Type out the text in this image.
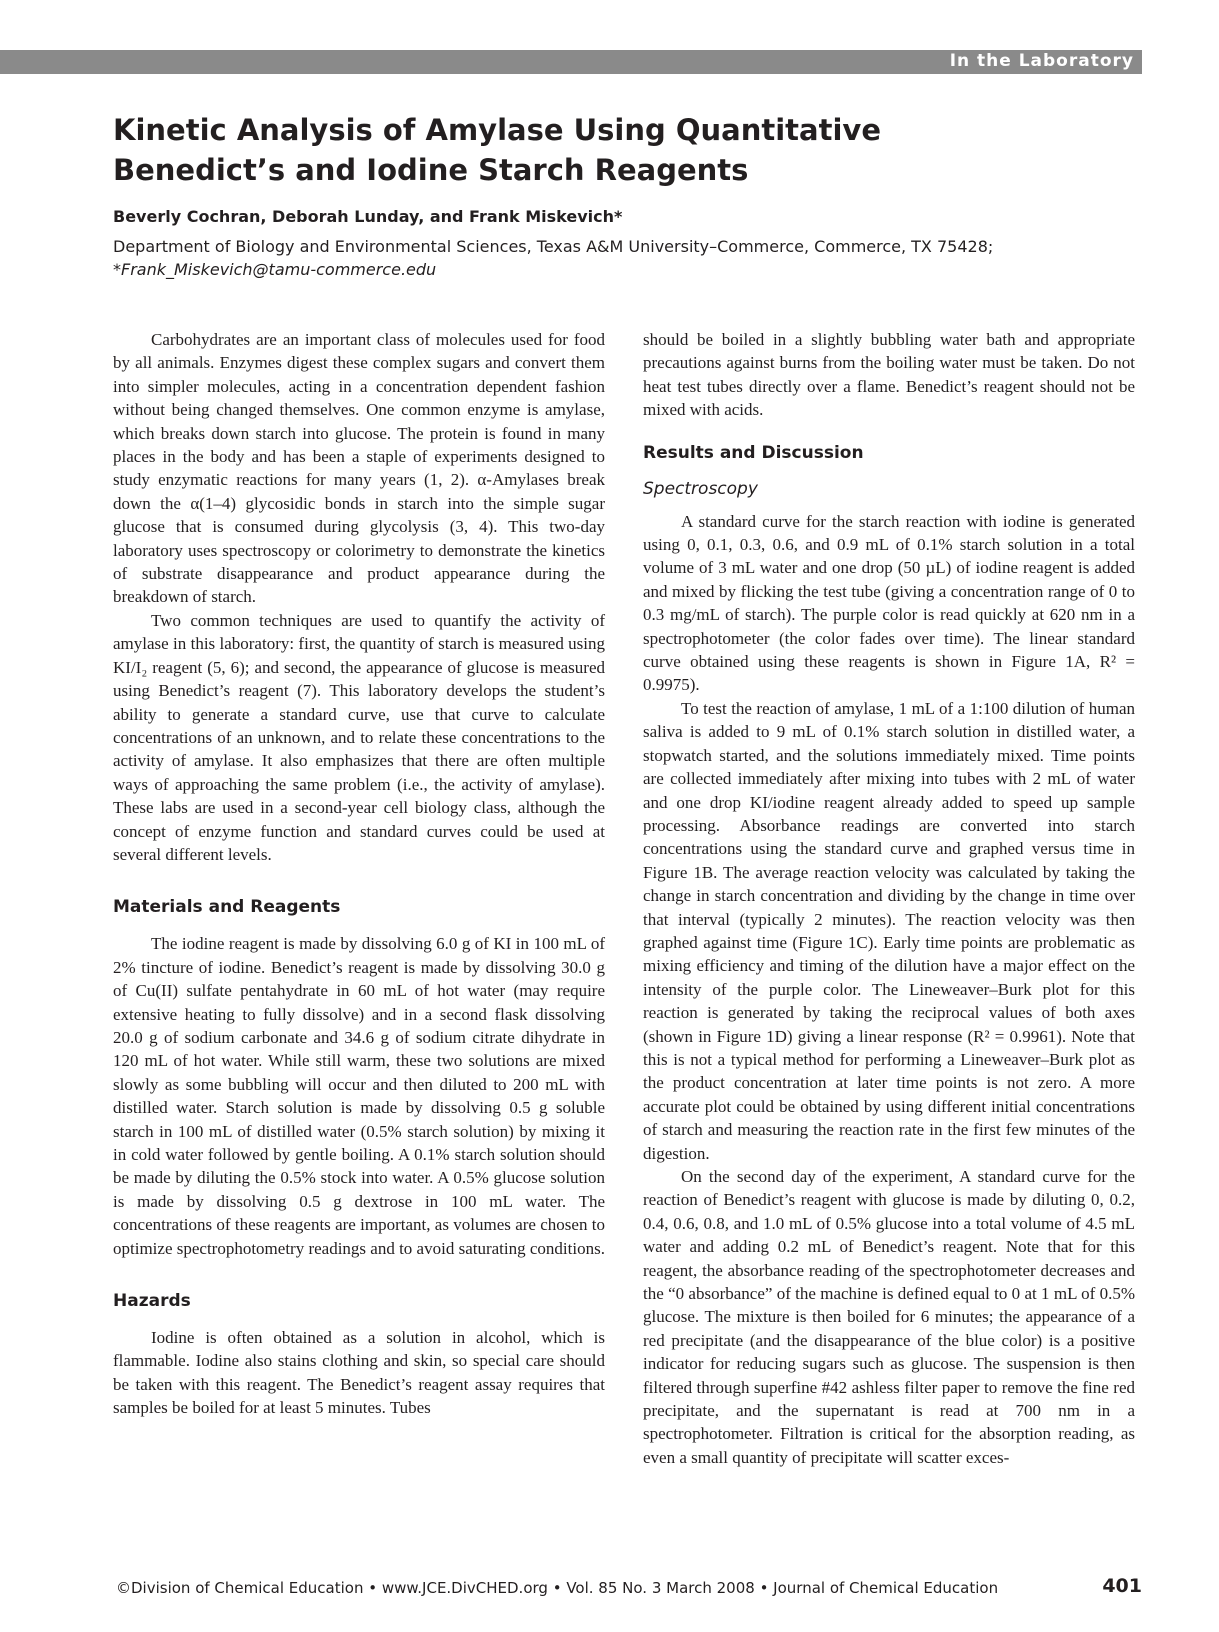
In the Laboratory
Kinetic Analysis of Amylase Using Quantitative
Benedict’s and Iodine Starch Reagents

Beverly Cochran, Deborah Lunday, and Frank Miskevich*

Department of Biology and Environmental Sciences, Texas A&M University–Commerce, Commerce, TX 75428;
*Frank_Miskevich@tamu-commerce.edu

Carbohydrates are an important class of molecules used for food by all animals. Enzymes digest these complex sugars and convert them into simpler molecules, acting in a concentration dependent fashion without being changed themselves. One common enzyme is amylase, which breaks down starch into glucose. The protein is found in many places in the body and has been a staple of experiments designed to study enzymatic reactions for many years (1, 2). α-Amylases break down the α(1–4) glycosidic bonds in starch into the simple sugar glucose that is consumed during glycolysis (3, 4). This two-day laboratory uses spectroscopy or colorimetry to demonstrate the kinetics of substrate disappearance and product appearance during the breakdown of starch.

Two common techniques are used to quantify the activity of amylase in this laboratory: first, the quantity of starch is measured using KI/I₂ reagent (5, 6); and second, the appearance of glucose is measured using Benedict’s reagent (7). This laboratory develops the student’s ability to generate a standard curve, use that curve to calculate concentrations of an unknown, and to relate these concentrations to the activity of amylase. It also emphasizes that there are often multiple ways of approaching the same problem (i.e., the activity of amylase). These labs are used in a second-year cell biology class, although the concept of enzyme function and standard curves could be used at several different levels.

Materials and Reagents

The iodine reagent is made by dissolving 6.0 g of KI in 100 mL of 2% tincture of iodine. Benedict’s reagent is made by dissolving 30.0 g of Cu(II) sulfate pentahydrate in 60 mL of hot water (may require extensive heating to fully dissolve) and in a second flask dissolving 20.0 g of sodium carbonate and 34.6 g of sodium citrate dihydrate in 120 mL of hot water. While still warm, these two solutions are mixed slowly as some bubbling will occur and then diluted to 200 mL with distilled water. Starch solution is made by dissolving 0.5 g soluble starch in 100 mL of distilled water (0.5% starch solution) by mixing it in cold water followed by gentle boiling. A 0.1% starch solution should be made by diluting the 0.5% stock into water. A 0.5% glucose solution is made by dissolving 0.5 g dextrose in 100 mL water. The concentrations of these reagents are important, as volumes are chosen to optimize spectrophotometry readings and to avoid saturating conditions.

Hazards

Iodine is often obtained as a solution in alcohol, which is flammable. Iodine also stains clothing and skin, so special care should be taken with this reagent. The Benedict’s reagent assay requires that samples be boiled for at least 5 minutes. Tubes

should be boiled in a slightly bubbling water bath and appropriate precautions against burns from the boiling water must be taken. Do not heat test tubes directly over a flame. Benedict’s reagent should not be mixed with acids.

Results and Discussion
Spectroscopy

A standard curve for the starch reaction with iodine is generated using 0, 0.1, 0.3, 0.6, and 0.9 mL of 0.1% starch solution in a total volume of 3 mL water and one drop (50 µL) of iodine reagent is added and mixed by flicking the test tube (giving a concentration range of 0 to 0.3 mg/mL of starch). The purple color is read quickly at 620 nm in a spectrophotometer (the color fades over time). The linear standard curve obtained using these reagents is shown in Figure 1A, R² = 0.9975).

To test the reaction of amylase, 1 mL of a 1:100 dilution of human saliva is added to 9 mL of 0.1% starch solution in distilled water, a stopwatch started, and the solutions immediately mixed. Time points are collected immediately after mixing into tubes with 2 mL of water and one drop KI/iodine reagent already added to speed up sample processing. Absorbance readings are converted into starch concentrations using the standard curve and graphed versus time in Figure 1B. The average reaction velocity was calculated by taking the change in starch concentration and dividing by the change in time over that interval (typically 2 minutes). The reaction velocity was then graphed against time (Figure 1C). Early time points are problematic as mixing efficiency and timing of the dilution have a major effect on the intensity of the purple color. The Lineweaver–Burk plot for this reaction is generated by taking the reciprocal values of both axes (shown in Figure 1D) giving a linear response (R² = 0.9961). Note that this is not a typical method for performing a Lineweaver–Burk plot as the product concentration at later time points is not zero. A more accurate plot could be obtained by using different initial concentrations of starch and measuring the reaction rate in the first few minutes of the digestion.

On the second day of the experiment, A standard curve for the reaction of Benedict’s reagent with glucose is made by diluting 0, 0.2, 0.4, 0.6, 0.8, and 1.0 mL of 0.5% glucose into a total volume of 4.5 mL water and adding 0.2 mL of Benedict’s reagent. Note that for this reagent, the absorbance reading of the spectrophotometer decreases and the “0 absorbance” of the machine is defined equal to 0 at 1 mL of 0.5% glucose. The mixture is then boiled for 6 minutes; the appearance of a red precipitate (and the disappearance of the blue color) is a positive indicator for reducing sugars such as glucose. The suspension is then filtered through superfine #42 ashless filter paper to remove the fine red precipitate, and the supernatant is read at 700 nm in a spectrophotometer. Filtration is critical for the absorption reading, as even a small quantity of precipitate will scatter exces-

©Division of Chemical Education • www.JCE.DivCHED.org • Vol. 85 No. 3 March 2008 • Journal of Chemical Education	401
